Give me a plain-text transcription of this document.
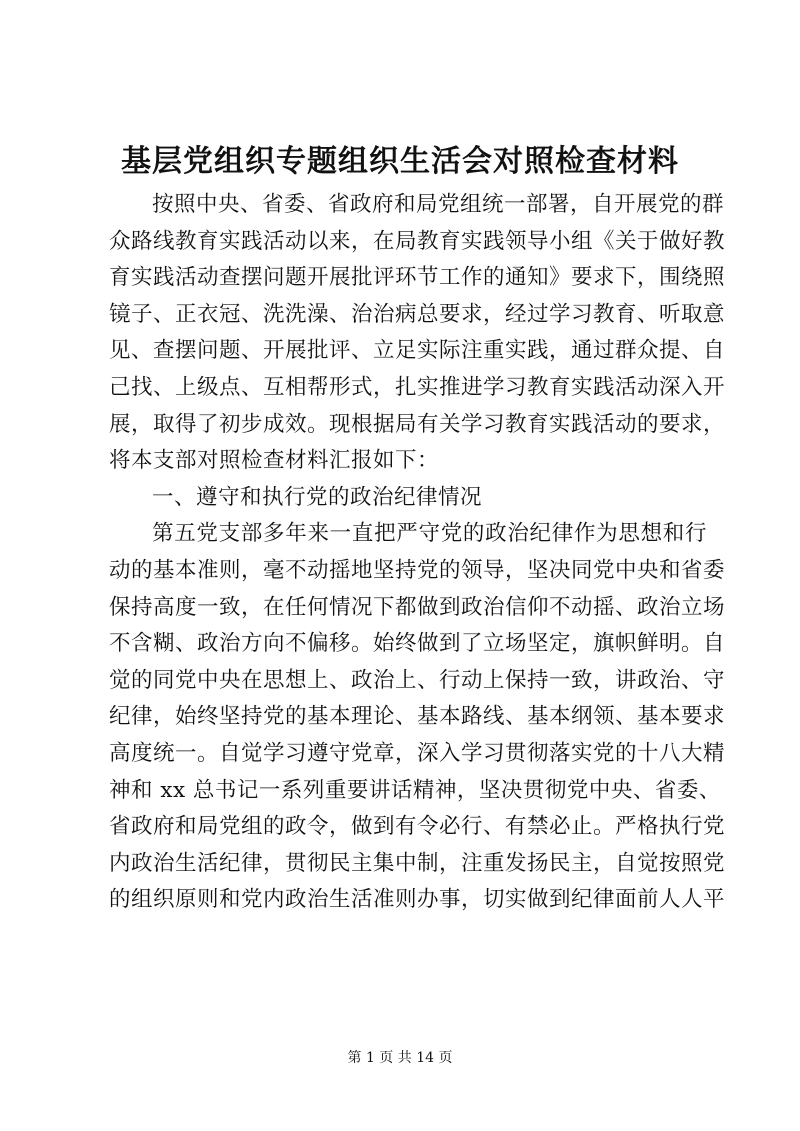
基层党组织专题组织生活会对照检查材料
按照中央、省委、省政府和局党组统一部署，自开展党的群
众路线教育实践活动以来，在局教育实践领导小组《关于做好教
育实践活动查摆问题开展批评环节工作的通知》要求下，围绕照
镜子、正衣冠、洗洗澡、治治病总要求，经过学习教育、听取意
见、查摆问题、开展批评、立足实际注重实践，通过群众提、自
己找、上级点、互相帮形式，扎实推进学习教育实践活动深入开
展，取得了初步成效。现根据局有关学习教育实践活动的要求，
将本支部对照检查材料汇报如下：
一、遵守和执行党的政治纪律情况
第五党支部多年来一直把严守党的政治纪律作为思想和行
动的基本准则，毫不动摇地坚持党的领导，坚决同党中央和省委
保持高度一致，在任何情况下都做到政治信仰不动摇、政治立场
不含糊、政治方向不偏移。始终做到了立场坚定，旗帜鲜明。自
觉的同党中央在思想上、政治上、行动上保持一致，讲政治、守
纪律，始终坚持党的基本理论、基本路线、基本纲领、基本要求
高度统一。自觉学习遵守党章，深入学习贯彻落实党的十八大精
神和 xx 总书记一系列重要讲话精神，坚决贯彻党中央、省委、
省政府和局党组的政令，做到有令必行、有禁必止。严格执行党
内政治生活纪律，贯彻民主集中制，注重发扬民主，自觉按照党
的组织原则和党内政治生活准则办事，切实做到纪律面前人人平
第 1 页 共 14 页
